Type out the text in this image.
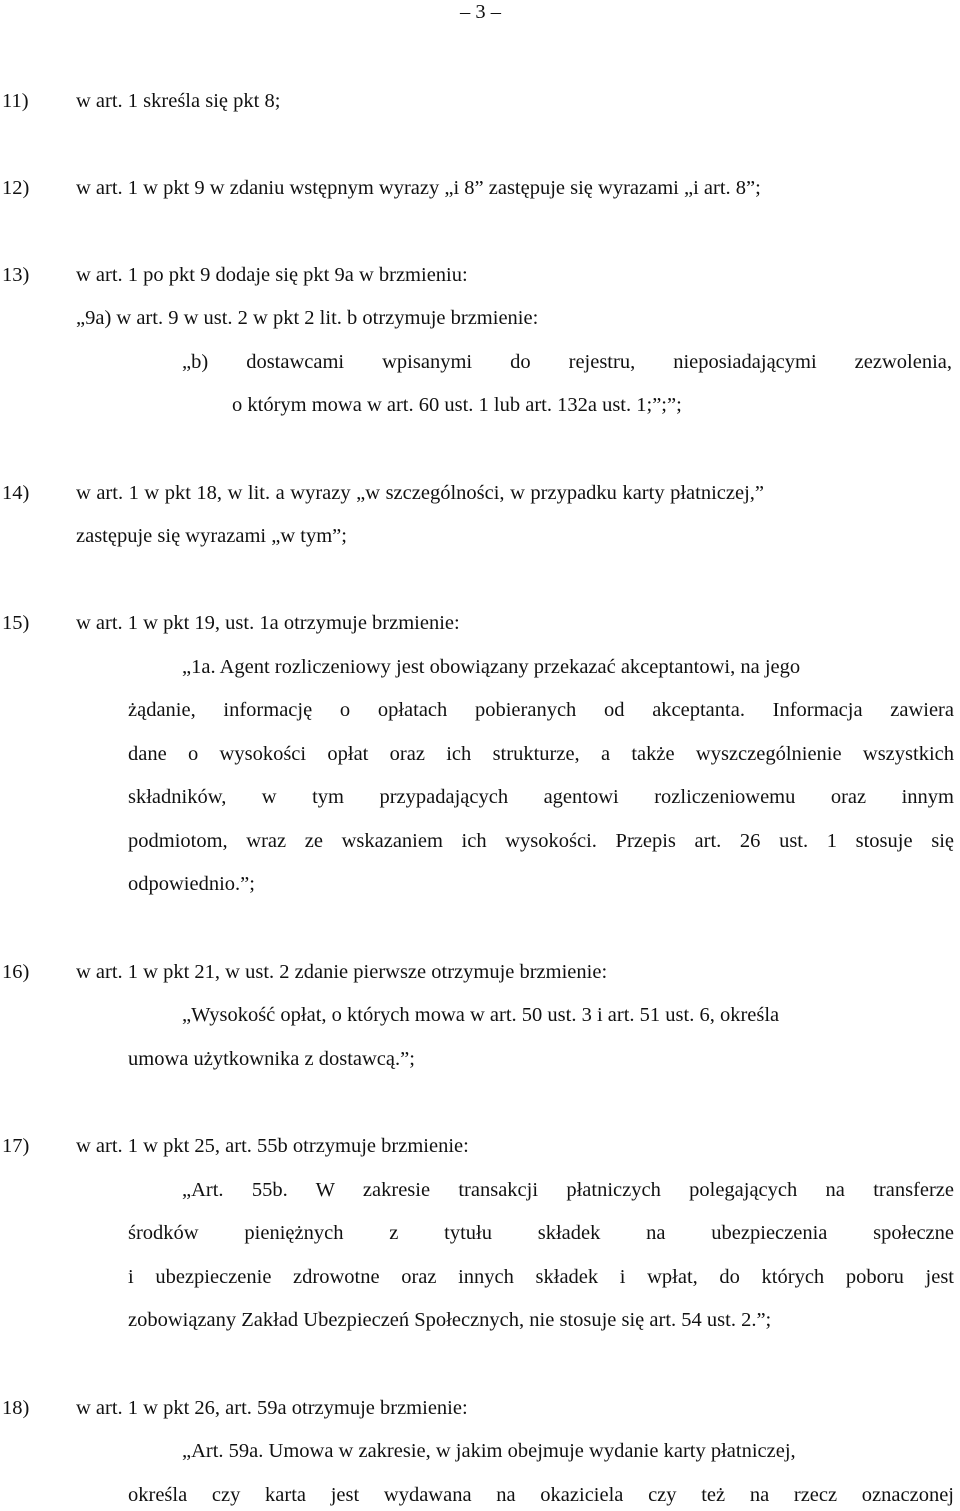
– 3 –
11) w art. 1 skreśla się pkt 8;
12) w art. 1 w pkt 9 w zdaniu wstępnym wyrazy „i 8” zastępuje się wyrazami „i art. 8”;
13) w art. 1 po pkt 9 dodaje się pkt 9a w brzmieniu:
„9a) w art. 9 w ust. 2 w pkt 2 lit. b otrzymuje brzmienie:
„b) dostawcami wpisanymi do rejestru, nieposiadającymi zezwolenia,
o którym mowa w art. 60 ust. 1 lub art. 132a ust. 1;”;”;
14) w art. 1 w pkt 18, w lit. a wyrazy „w szczególności, w przypadku karty płatniczej,”
zastępuje się wyrazami „w tym”;
15) w art. 1 w pkt 19, ust. 1a otrzymuje brzmienie:
„1a. Agent rozliczeniowy jest obowiązany przekazać akceptantowi, na jego
żądanie, informację o opłatach pobieranych od akceptanta. Informacja zawiera
dane o wysokości opłat oraz ich strukturze, a także wyszczególnienie wszystkich
składników, w tym przypadających agentowi rozliczeniowemu oraz innym
podmiotom, wraz ze wskazaniem ich wysokości. Przepis art. 26 ust. 1 stosuje się
odpowiednio.”;
16) w art. 1 w pkt 21, w ust. 2 zdanie pierwsze otrzymuje brzmienie:
„Wysokość opłat, o których mowa w art. 50 ust. 3 i art. 51 ust. 6, określa
umowa użytkownika z dostawcą.”;
17) w art. 1 w pkt 25, art. 55b otrzymuje brzmienie:
„Art. 55b. W zakresie transakcji płatniczych polegających na transferze
środków pieniężnych z tytułu składek na ubezpieczenia społeczne
i ubezpieczenie zdrowotne oraz innych składek i wpłat, do których poboru jest
zobowiązany Zakład Ubezpieczeń Społecznych, nie stosuje się art. 54 ust. 2.”;
18) w art. 1 w pkt 26, art. 59a otrzymuje brzmienie:
„Art. 59a. Umowa w zakresie, w jakim obejmuje wydanie karty płatniczej,
określa czy karta jest wydawana na okaziciela czy też na rzecz oznaczonej
